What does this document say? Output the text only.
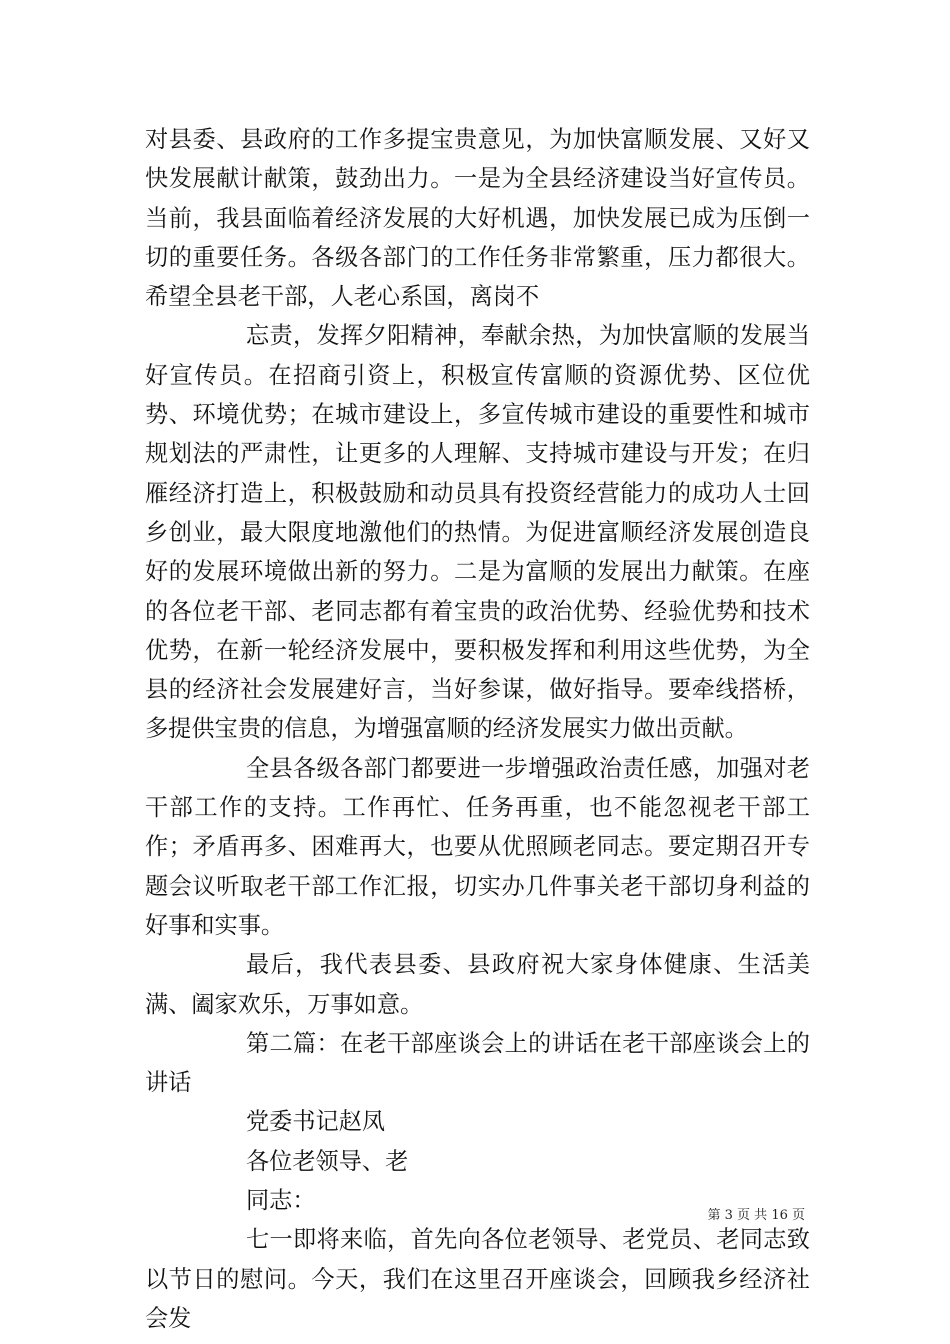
对县委、县政府的工作多提宝贵意见，为加快富顺发展、又好又快发展献计献策，鼓劲出力。一是为全县经济建设当好宣传员。当前，我县面临着经济发展的大好机遇，加快发展已成为压倒一切的重要任务。各级各部门的工作任务非常繁重，压力都很大。希望全县老干部，人老心系国，离岗不

忘责，发挥夕阳精神，奉献余热，为加快富顺的发展当好宣传员。在招商引资上，积极宣传富顺的资源优势、区位优势、环境优势；在城市建设上，多宣传城市建设的重要性和城市规划法的严肃性，让更多的人理解、支持城市建设与开发；在归雁经济打造上，积极鼓励和动员具有投资经营能力的成功人士回乡创业，最大限度地激他们的热情。为促进富顺经济发展创造良好的发展环境做出新的努力。二是为富顺的发展出力献策。在座的各位老干部、老同志都有着宝贵的政治优势、经验优势和技术优势，在新一轮经济发展中，要积极发挥和利用这些优势，为全县的经济社会发展建好言，当好参谋，做好指导。要牵线搭桥，多提供宝贵的信息，为增强富顺的经济发展实力做出贡献。

全县各级各部门都要进一步增强政治责任感，加强对老干部工作的支持。工作再忙、任务再重，也不能忽视老干部工作；矛盾再多、困难再大，也要从优照顾老同志。要定期召开专题会议听取老干部工作汇报，切实办几件事关老干部切身利益的好事和实事。

最后，我代表县委、县政府祝大家身体健康、生活美满、阖家欢乐，万事如意。

第二篇：在老干部座谈会上的讲话在老干部座谈会上的讲话

党委书记赵凤

各位老领导、老

同志：

七一即将来临，首先向各位老领导、老党员、老同志致以节日的慰问。今天，我们在这里召开座谈会，回顾我乡经济社会发

第 3 页 共 16 页
